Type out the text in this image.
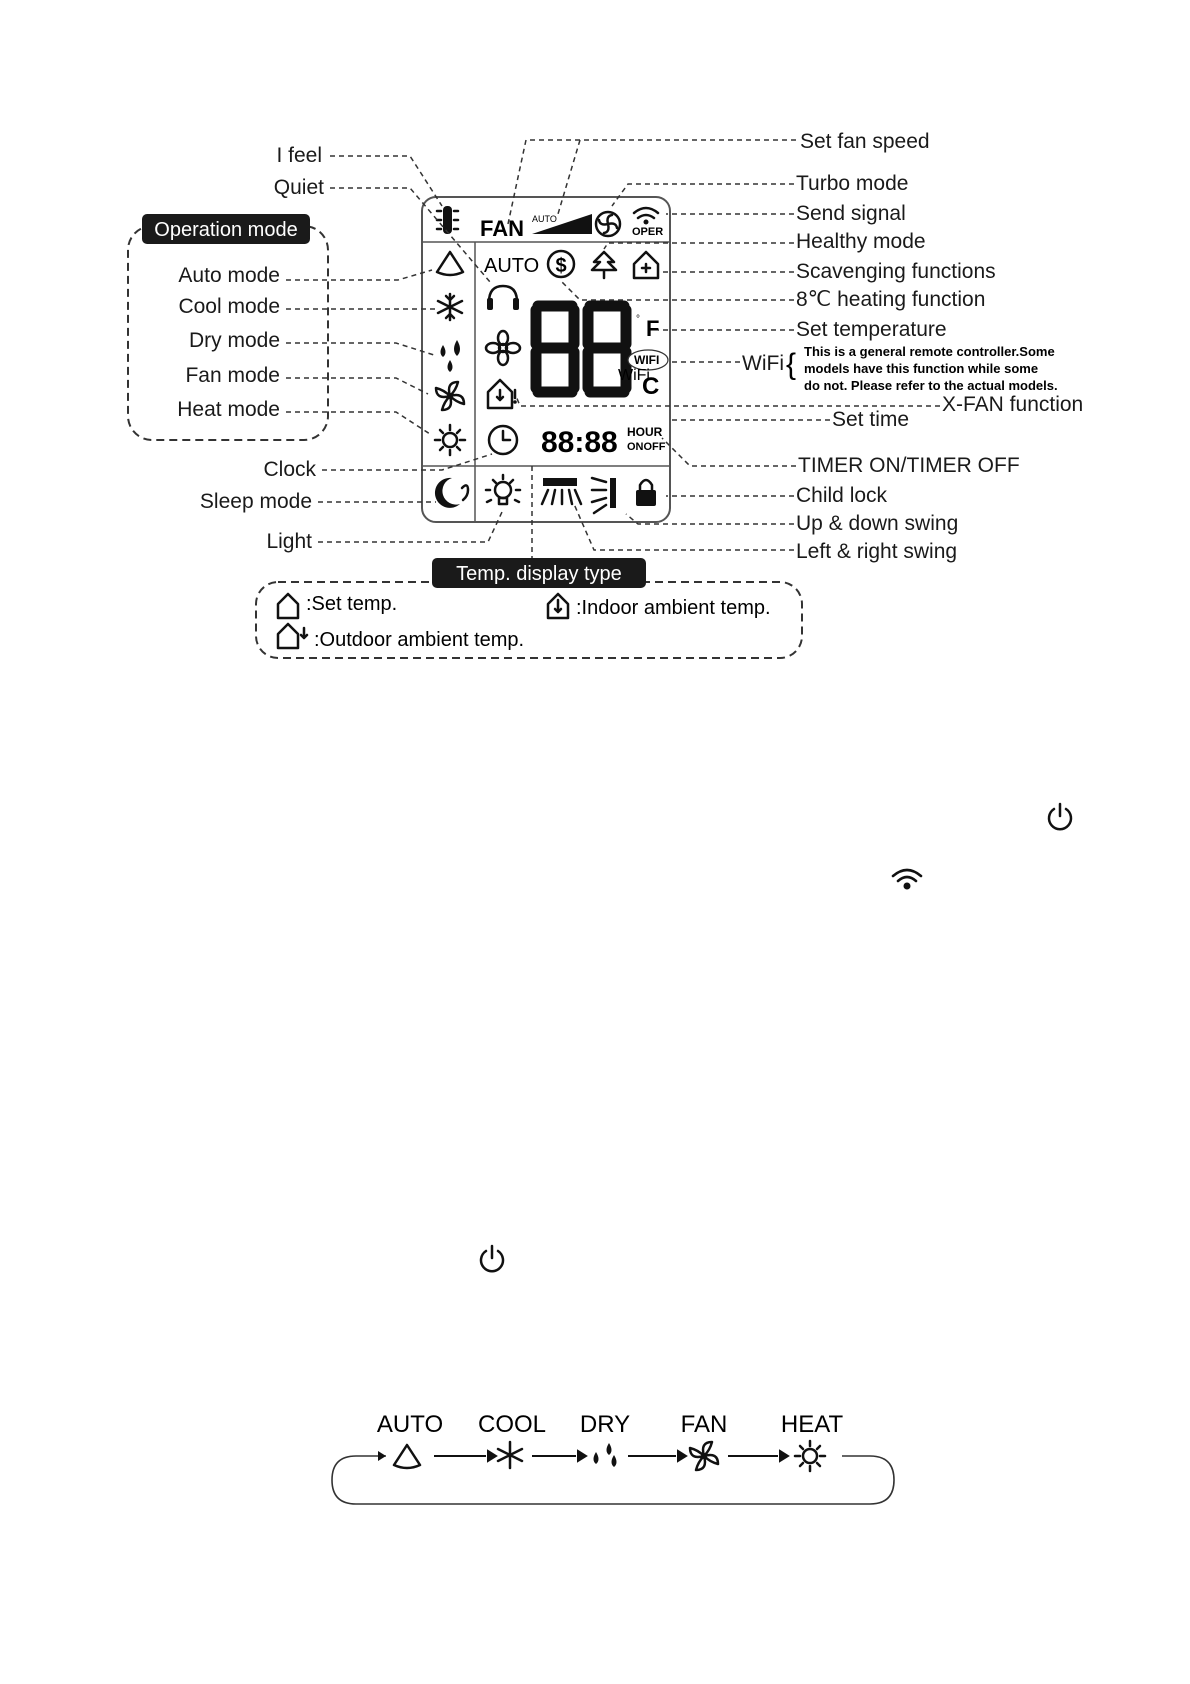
FAN AUTO
OPER
AUTO $
F
C
°
WIFI
WiFi
88:88 HOUR
ONOFF
Operation mode
Auto mode
Cool mode
Dry mode
Fan mode
Heat mode
I feel
Quiet
Clock
Sleep mode
Light
Set fan speed
Turbo mode
Send signal
Healthy mode
Scavenging functions
8℃ heating function
Set temperature
WiFi { This is a general remote controller.Some
models have this function while some
do not. Please refer to the actual models.
X-FAN function
Set time
TIMER ON/TIMER OFF
Child lock
Up & down swing
Left & right swing
Temp. display type
:Set temp.	:Indoor ambient temp.
:Outdoor ambient temp.
AUTO COOL DRY FAN HEAT
